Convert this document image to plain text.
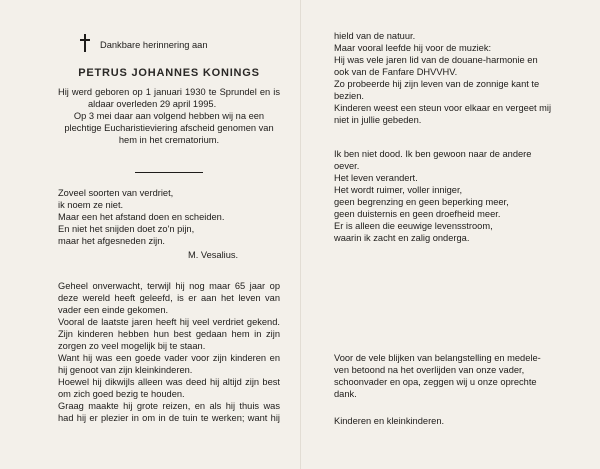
Dankbare herinnering aan
PETRUS JOHANNES KONINGS
Hij werd geboren op 1 januari 1930 te Sprundel en is
aldaar overleden 29 april 1995.
Op 3 mei daar aan volgend hebben wij na een
plechtige Eucharistieviering afscheid genomen van
hem in het crematorium.
Zoveel soorten van verdriet,
ik noem ze niet.
Maar een het afstand doen en scheiden.
En niet het snijden doet zo'n pijn,
maar het afgesneden zijn.
M. Vesalius.
Geheel onverwacht, terwijl hij nog maar 65 jaar op
deze wereld heeft geleefd, is er aan het leven van
vader een einde gekomen.
Vooral de laatste jaren heeft hij veel verdriet gekend.
Zijn kinderen hebben hun best gedaan hem in zijn
zorgen zo veel mogelijk bij te staan.
Want hij was een goede vader voor zijn kinderen en
hij genoot van zijn kleinkinderen.
Hoewel hij dikwijls alleen was deed hij altijd zijn best
om zich goed bezig te houden.
Graag maakte hij grote reizen, en als hij thuis was
had hij er plezier in om in de tuin te werken; want hij
hield van de natuur.
Maar vooral leefde hij voor de muziek:
Hij was vele jaren lid van de douane-harmonie en
ook van de Fanfare DHVVHV.
Zo probeerde hij zijn leven van de zonnige kant te
bezien.
Kinderen weest een steun voor elkaar en vergeet mij
niet in jullie gebeden.
Ik ben niet dood. Ik ben gewoon naar de andere
oever.
Het leven verandert.
Het wordt ruimer, voller inniger,
geen begrenzing en geen beperking meer,
geen duisternis en geen droefheid meer.
Er is alleen die eeuwige levensstroom,
waarin ik zacht en zalig onderga.
Voor de vele blijken van belangstelling en medele-
ven betoond na het overlijden van onze vader,
schoonvader en opa, zeggen wij u onze oprechte
dank.
Kinderen en kleinkinderen.
